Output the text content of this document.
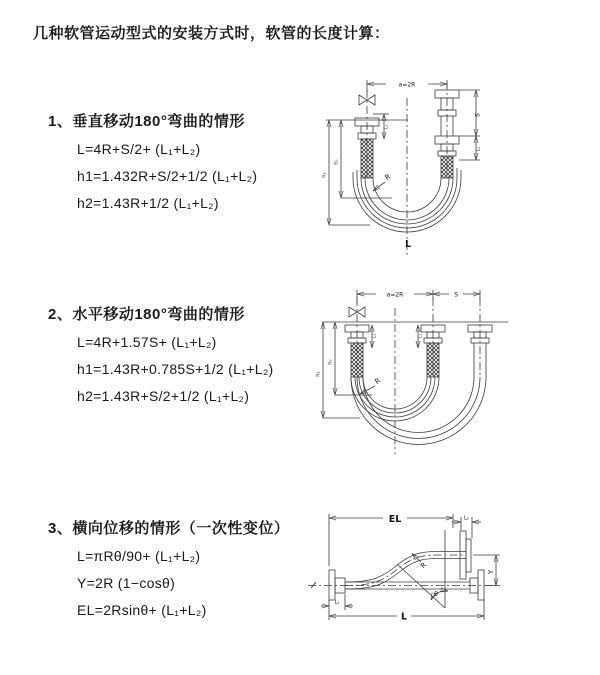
几种软管运动型式的安装方式时，软管的长度计算：

1、垂直移动180°弯曲的情形

L=4R+S/2+ (L₁+L₂)

h1=1.432R+S/2+1/2 (L₁+L₂)

h2=1.43R+1/2 (L₁+L₂)

2、水平移动180°弯曲的情形

L=4R+1.57S+ (L₁+L₂)

h1=1.43R+0.785S+1/2 (L₁+L₂)

h2=1.43R+S/2+1/2 (L₁+L₂)

3、横向位移的情形（一次性变位）

L=πRθ/90+ (L₁+L₂)

Y=2R (1−cosθ)

EL=2Rsinθ+ (L₁+L₂)

a=2R
S
L₂
L₁
h₁
h₂
R
L
a=2R	S
h₁
h₂
L₁	L₂
R
EL	L₂
Y
R
θ
L
L₁
